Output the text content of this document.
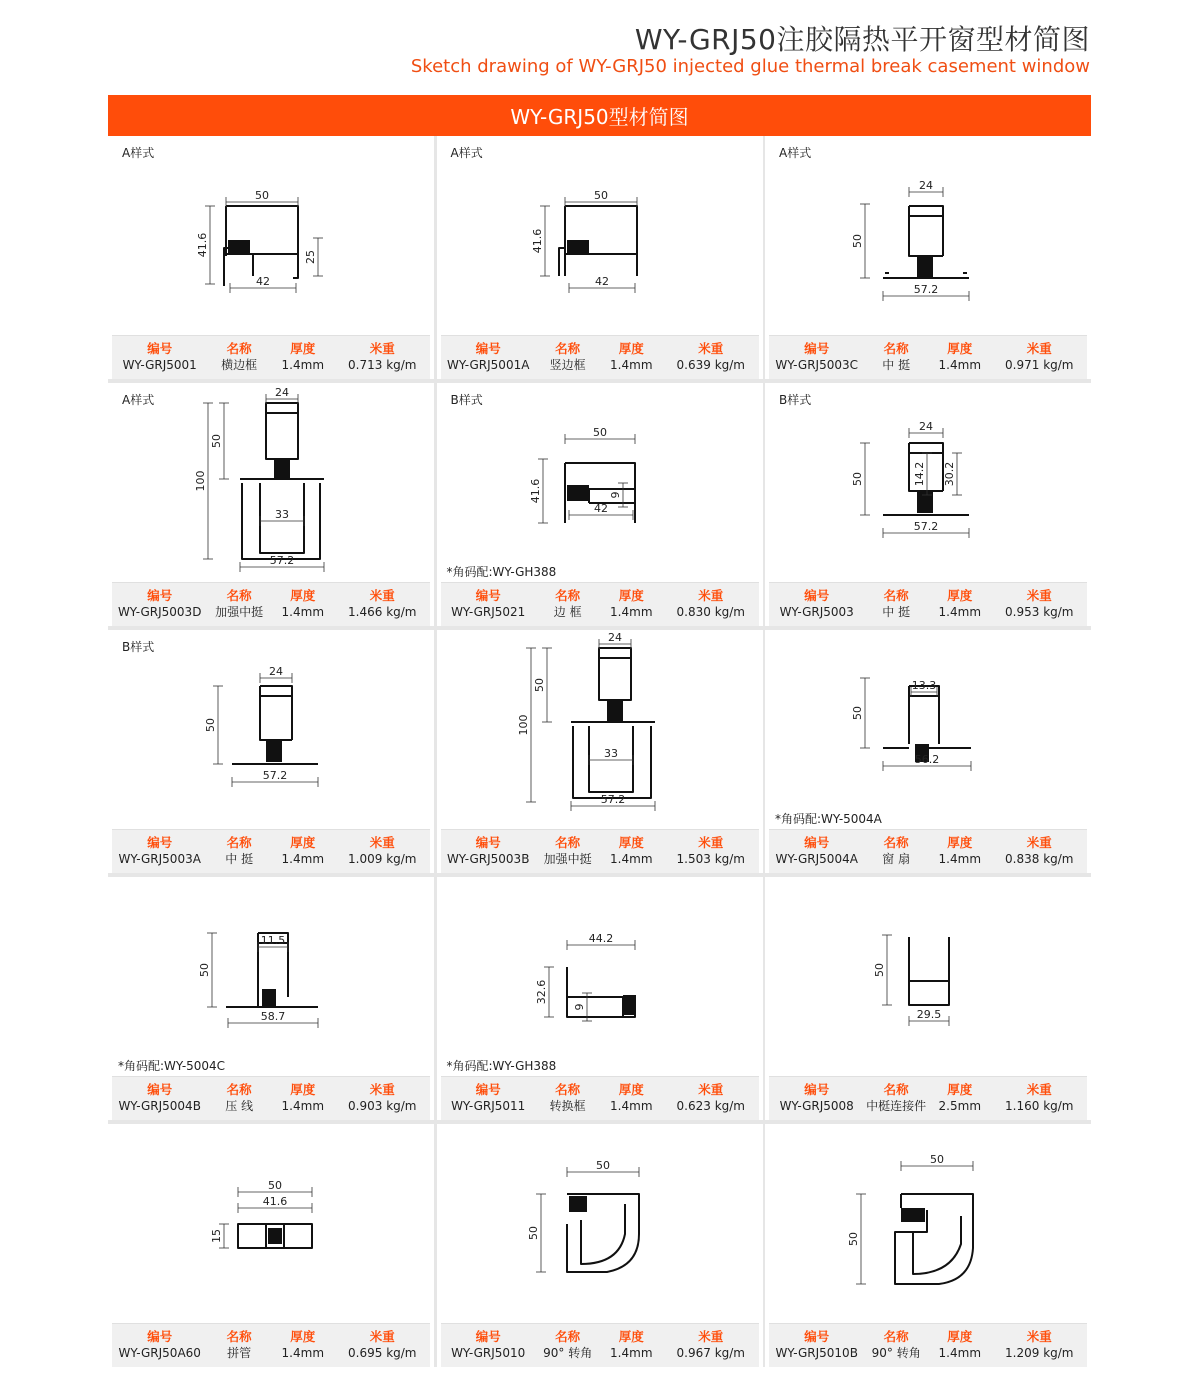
WY-GRJ50注胶隔热平开窗型材简图
Sketch drawing of WY-GRJ50 injected glue thermal break casement window
WY-GRJ50型材简图
A样式
50
41.6
42
25
编号
WY-GRJ5001
名称
横边框
厚度
1.4mm
米重
0.713 kg/m
A样式
50
41.6
42
编号
WY-GRJ5001A
名称
竖边框
厚度
1.4mm
米重
0.639 kg/m
A样式
24
50
57.2
编号
WY-GRJ5003C
名称
中 挺
厚度
1.4mm
米重
0.971 kg/m
A样式
24
50
100
33
57.2
编号
WY-GRJ5003D
名称
加强中挺
厚度
1.4mm
米重
1.466 kg/m
B样式
50
41.6
42
9
*角码配:WY-GH388
编号
WY-GRJ5021
名称
边 框
厚度
1.4mm
米重
0.830 kg/m
B样式
24
14.2 30.2
50
57.2
编号
WY-GRJ5003
名称
中 挺
厚度
1.4mm
米重
0.953 kg/m
B样式
24
50
57.2
编号
WY-GRJ5003A
名称
中 挺
厚度
1.4mm
米重
1.009 kg/m
24
50
100
33
57.2
编号
WY-GRJ5003B
名称
加强中挺
厚度
1.4mm
米重
1.503 kg/m
13.3
50
56.2
*角码配:WY-5004A
编号
WY-GRJ5004A
名称
窗 扇
厚度
1.4mm
米重
0.838 kg/m
11.5
50
58.7
*角码配:WY-5004C
编号
WY-GRJ5004B
名称
压 线
厚度
1.4mm
米重
0.903 kg/m
44.2
32.6
9
*角码配:WY-GH388
编号
WY-GRJ5011
名称
转换框
厚度
1.4mm
米重
0.623 kg/m
50
29.5
编号
WY-GRJ5008
名称
中梃连接件
厚度
2.5mm
米重
1.160 kg/m
50
41.6
15
编号
WY-GRJ50A60
名称
拼管
厚度
1.4mm
米重
0.695 kg/m
50
50
编号
WY-GRJ5010
名称
90° 转角
厚度
1.4mm
米重
0.967 kg/m
50
50
编号
WY-GRJ5010B
名称
90° 转角
厚度
1.4mm
米重
1.209 kg/m
